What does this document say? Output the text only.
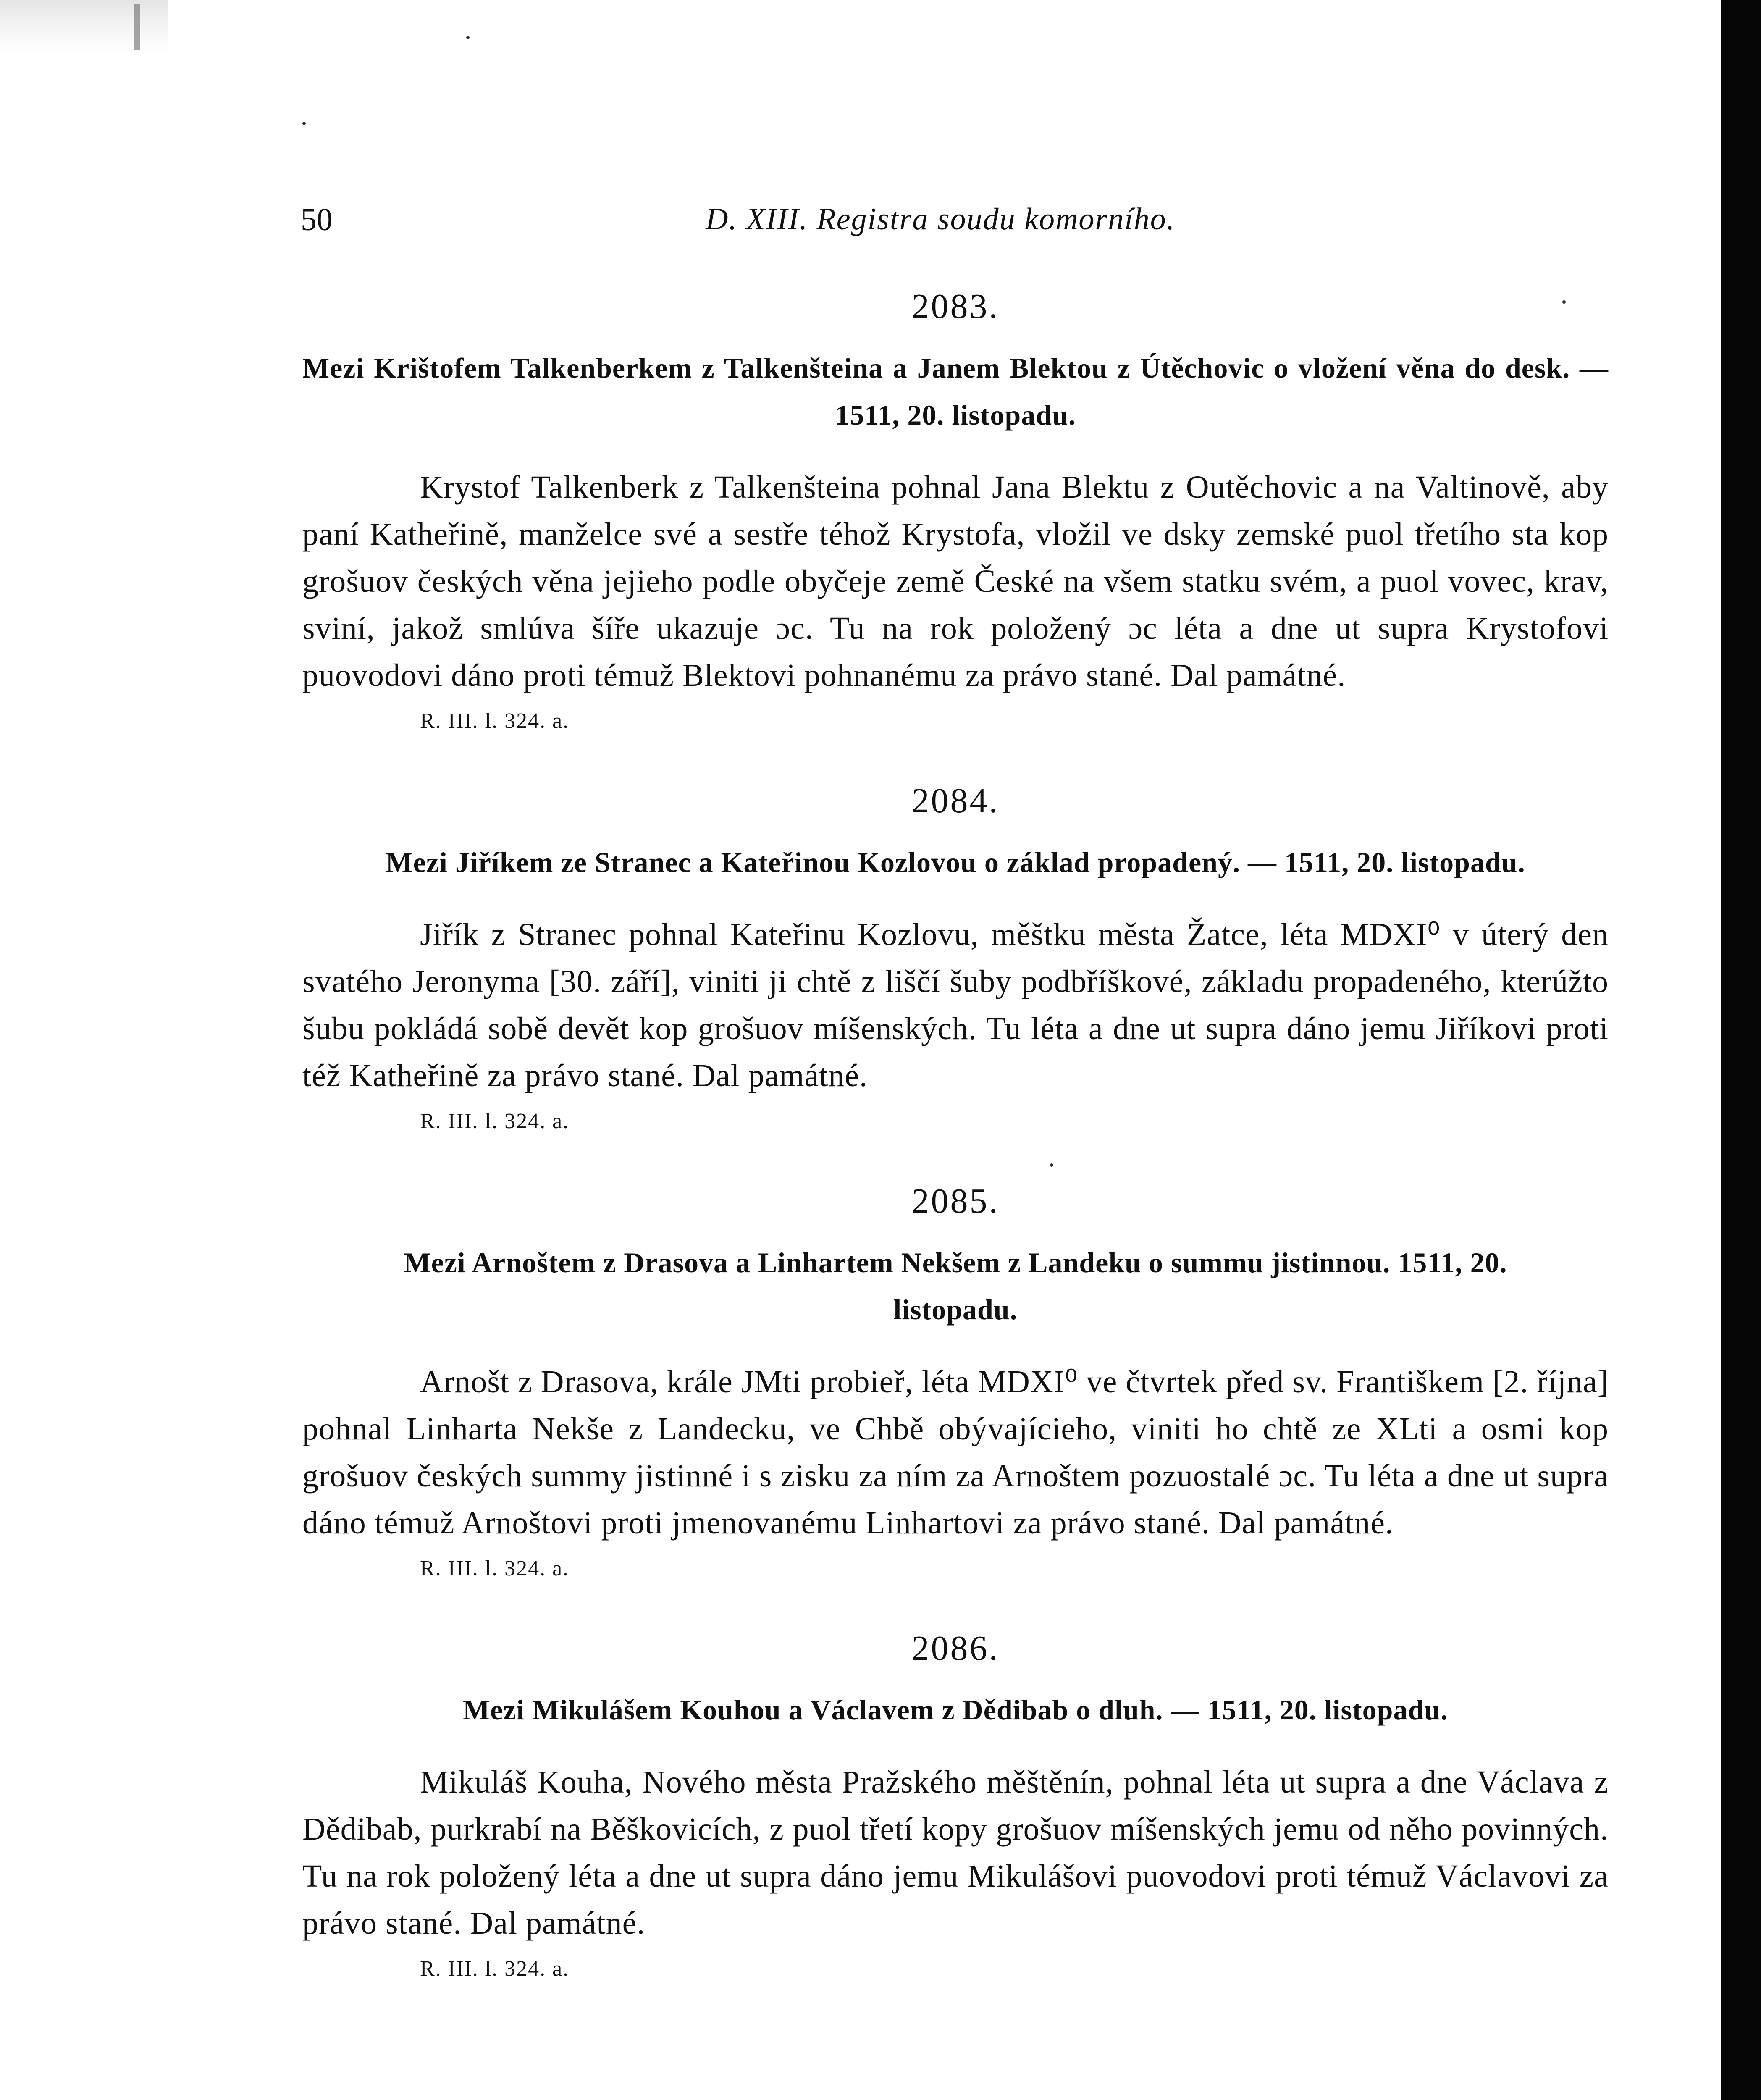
50	D. XIII. Registra soudu komorního.
2083.
Mezi Krištofem Talkenberkem z Talkenšteina a Janem Blektou z Útěchovic o vložení věna do desk. — 1511, 20. listopadu.

Krystof Talkenberk z Talkenšteina pohnal Jana Blektu z Outěchovic a na Valtinově, aby paní Katheřině, manželce své a sestře téhož Krystofa, vložil ve dsky zemské puol třetího sta kop grošuov českých věna jejieho podle obyčeje země České na všem statku svém, a puol vovec, krav, sviní, jakož smlúva šíře ukazuje ɔc. Tu na rok položený ɔc léta a dne ut supra Krystofovi puovodovi dáno proti témuž Blektovi pohnanému za právo stané. Dal památné.

R. III. l. 324. a.
2084.
Mezi Jiříkem ze Stranec a Kateřinou Kozlovou o základ propadený. — 1511, 20. listopadu.

Jiřík z Stranec pohnal Kateřinu Kozlovu, měštku města Žatce, léta MDXI⁰ v úterý den svatého Jeronyma [30. září], viniti ji chtě z liščí šuby podbříškové, základu propadeného, kterúžto šubu pokládá sobě devět kop grošuov míšenských. Tu léta a dne ut supra dáno jemu Jiříkovi proti též Katheřině za právo stané. Dal památné.

R. III. l. 324. a.
2085.
Mezi Arnoštem z Drasova a Linhartem Nekšem z Landeku o summu jistinnou. 1511, 20. listopadu.

Arnošt z Drasova, krále JMti probieř, léta MDXI⁰ ve čtvrtek před sv. Františkem [2. října] pohnal Linharta Nekše z Landecku, ve Chbě obývajícieho, viniti ho chtě ze XLti a osmi kop grošuov českých summy jistinné i s zisku za ním za Arnoštem pozuostalé ɔc. Tu léta a dne ut supra dáno témuž Arnoštovi proti jmenovanému Linhartovi za právo stané. Dal památné.

R. III. l. 324. a.
2086.
Mezi Mikulášem Kouhou a Václavem z Dědibab o dluh. — 1511, 20. listopadu.

Mikuláš Kouha, Nového města Pražského měštěnín, pohnal léta ut supra a dne Václava z Dědibab, purkrabí na Běškovicích, z puol třetí kopy grošuov míšenských jemu od něho povinných. Tu na rok položený léta a dne ut supra dáno jemu Mikulášovi puovodovi proti témuž Václavovi za právo stané. Dal památné.

R. III. l. 324. a.
